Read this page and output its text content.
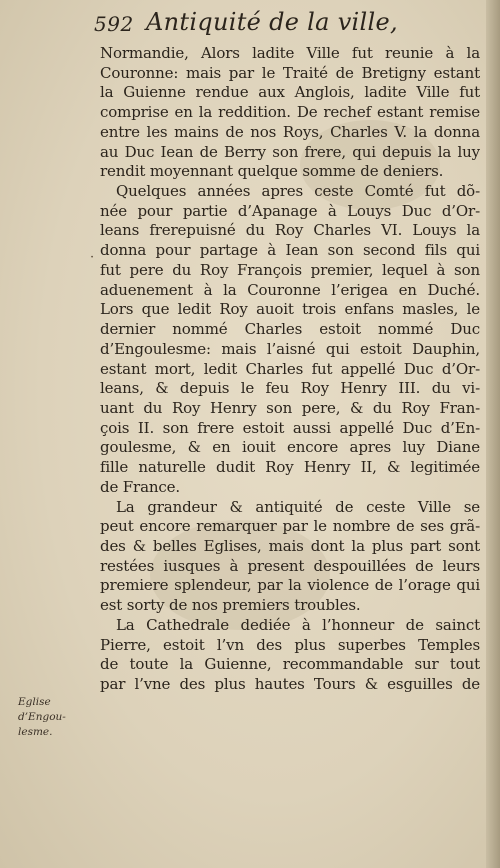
592 Antiquité de la ville,
·
Normandie, Alors ladite Ville fut reunie à la
Couronne: mais par le Traité de Bretigny estant
la Guienne rendue aux Anglois, ladite Ville fut
comprise en la reddition. De rechef estant remise
entre les mains de nos Roys, Charles V. la donna
au Duc Iean de Berry son frere, qui depuis la luy
rendit moyennant quelque somme de deniers.
Quelques années apres ceste Comté fut dõ-
née pour partie d’Apanage à Louys Duc d’Or-
leans frerepuisné du Roy Charles VI. Louys la
donna pour partage à Iean son second fils qui
fut pere du Roy François premier, lequel à son
aduenement à la Couronne l’erigea en Duché.
Lors que ledit Roy auoit trois enfans masles, le
dernier nommé Charles estoit nommé Duc
d’Engoulesme: mais l’aisné qui estoit Dauphin,
estant mort, ledit Charles fut appellé Duc d’Or-
leans, & depuis le feu Roy Henry III. du vi-
uant du Roy Henry son pere, & du Roy Fran-
çois II. son frere estoit aussi appellé Duc d’En-
goulesme, & en iouit encore apres luy Diane
fille naturelle dudit Roy Henry II, & legitimée
de France.
La grandeur & antiquité de ceste Ville se
peut encore remarquer par le nombre de ses grã-
des & belles Eglises, mais dont la plus part sont
restées iusques à present despouillées de leurs
premiere splendeur, par la violence de l’orage qui
est sorty de nos premiers troubles.
La Cathedrale dediée à l’honneur de sainct
Pierre, estoit l’vn des plus superbes Temples
de toute la Guienne, recommandable sur tout
par l’vne des plus hautes Tours & esguilles de
Eglise
d’Engou-
lesme.
